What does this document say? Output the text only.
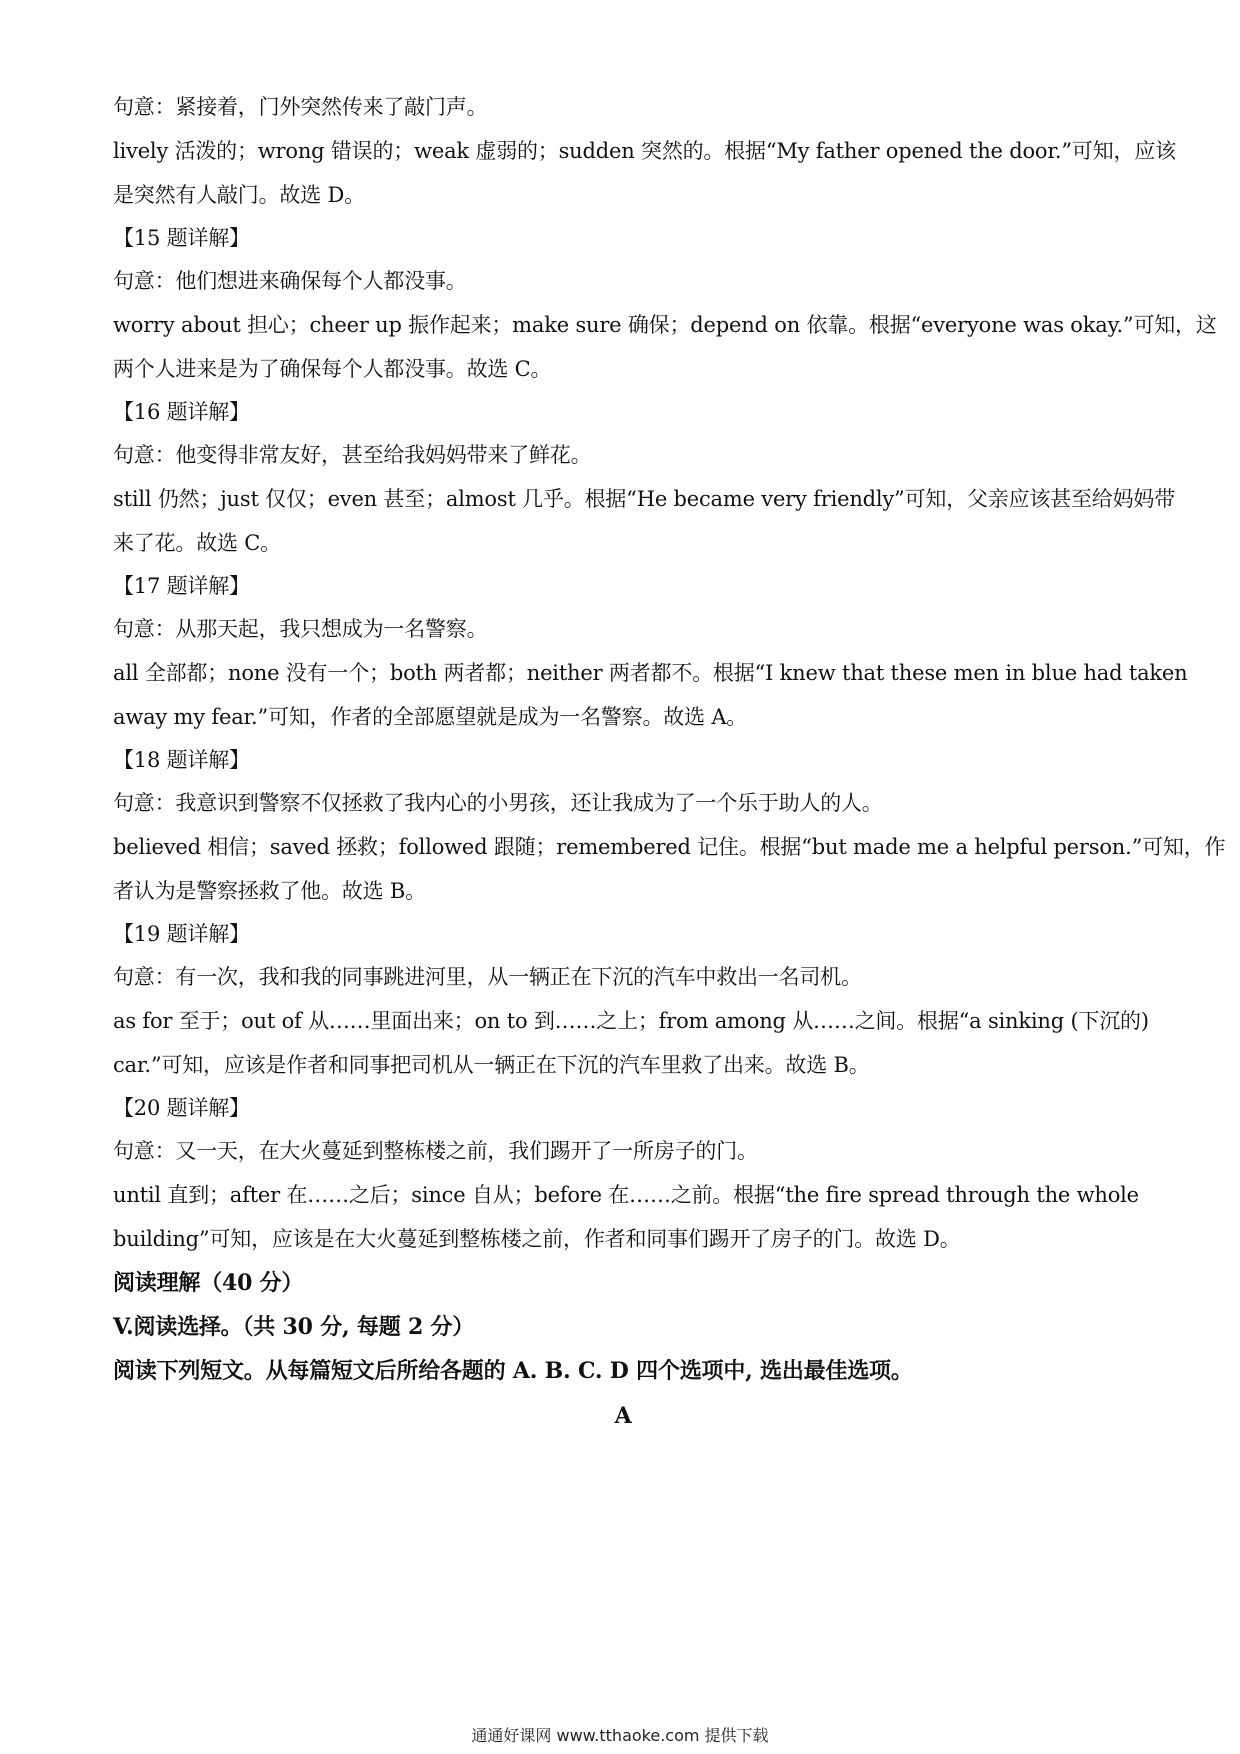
句意：紧接着，门外突然传来了敲门声。
lively 活泼的；wrong 错误的；weak 虚弱的；sudden 突然的。根据“My father opened the door.”可知，应该
是突然有人敲门。故选 D。
【15 题详解】
句意：他们想进来确保每个人都没事。
worry about 担心；cheer up 振作起来；make sure 确保；depend on 依靠。根据“everyone was okay.”可知，这
两个人进来是为了确保每个人都没事。故选 C。
【16 题详解】
句意：他变得非常友好，甚至给我妈妈带来了鲜花。
still 仍然；just 仅仅；even 甚至；almost 几乎。根据“He became very friendly”可知，父亲应该甚至给妈妈带
来了花。故选 C。
【17 题详解】
句意：从那天起，我只想成为一名警察。
all 全部都；none 没有一个；both 两者都；neither 两者都不。根据“I knew that these men in blue had taken
away my fear.”可知，作者的全部愿望就是成为一名警察。故选 A。
【18 题详解】
句意：我意识到警察不仅拯救了我内心的小男孩，还让我成为了一个乐于助人的人。
believed 相信；saved 拯救；followed 跟随；remembered 记住。根据“but made me a helpful person.”可知，作
者认为是警察拯救了他。故选 B。
【19 题详解】
句意：有一次，我和我的同事跳进河里，从一辆正在下沉的汽车中救出一名司机。
as for 至于；out of 从……里面出来；on to 到……之上；from among 从……之间。根据“a sinking (下沉的)
car.”可知，应该是作者和同事把司机从一辆正在下沉的汽车里救了出来。故选 B。
【20 题详解】
句意：又一天，在大火蔓延到整栋楼之前，我们踢开了一所房子的门。
until 直到；after 在……之后；since 自从；before 在……之前。根据“the fire spread through the whole
building”可知，应该是在大火蔓延到整栋楼之前，作者和同事们踢开了房子的门。故选 D。
阅读理解（40 分）
V.阅读选择。（共 30 分, 每题 2 分）
阅读下列短文。从每篇短文后所给各题的 A. B. C. D 四个选项中, 选出最佳选项。
A
通通好课网 www.tthaoke.com 提供下载
